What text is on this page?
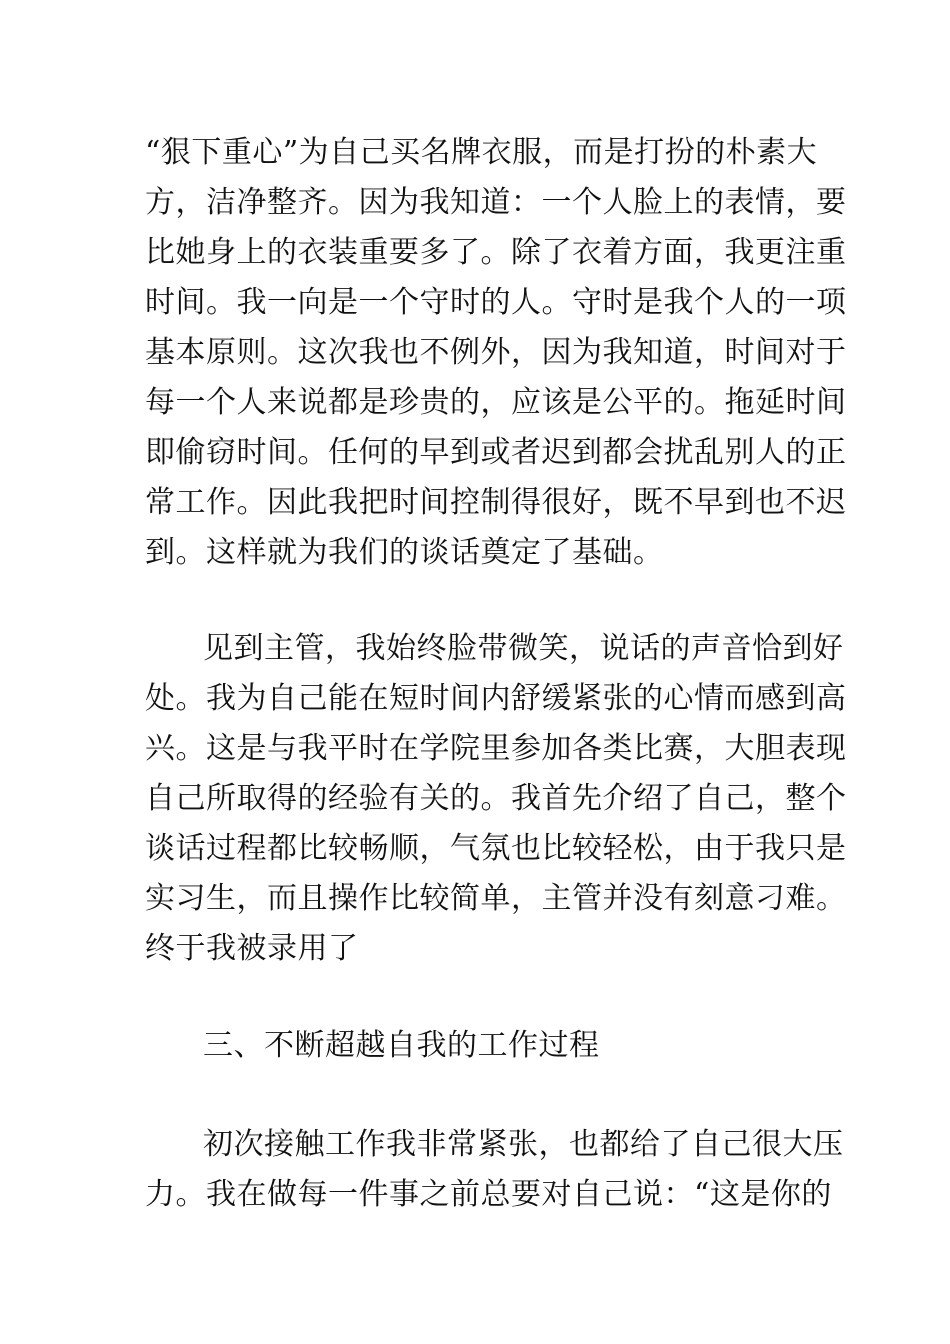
“狠下重心”为自己买名牌衣服，而是打扮的朴素大
方，洁净整齐。因为我知道：一个人脸上的表情，要
比她身上的衣装重要多了。除了衣着方面，我更注重
时间。我一向是一个守时的人。守时是我个人的一项
基本原则。这次我也不例外，因为我知道，时间对于
每一个人来说都是珍贵的，应该是公平的。拖延时间
即偷窃时间。任何的早到或者迟到都会扰乱别人的正
常工作。因此我把时间控制得很好，既不早到也不迟
到。这样就为我们的谈话奠定了基础。
见到主管，我始终脸带微笑，说话的声音恰到好
处。我为自己能在短时间内舒缓紧张的心情而感到高
兴。这是与我平时在学院里参加各类比赛，大胆表现
自己所取得的经验有关的。我首先介绍了自己，整个
谈话过程都比较畅顺，气氛也比较轻松，由于我只是
实习生，而且操作比较简单，主管并没有刻意刁难。
终于我被录用了
三、不断超越自我的工作过程
初次接触工作我非常紧张，也都给了自己很大压
力。我在做每一件事之前总要对自己说：“这是你的
